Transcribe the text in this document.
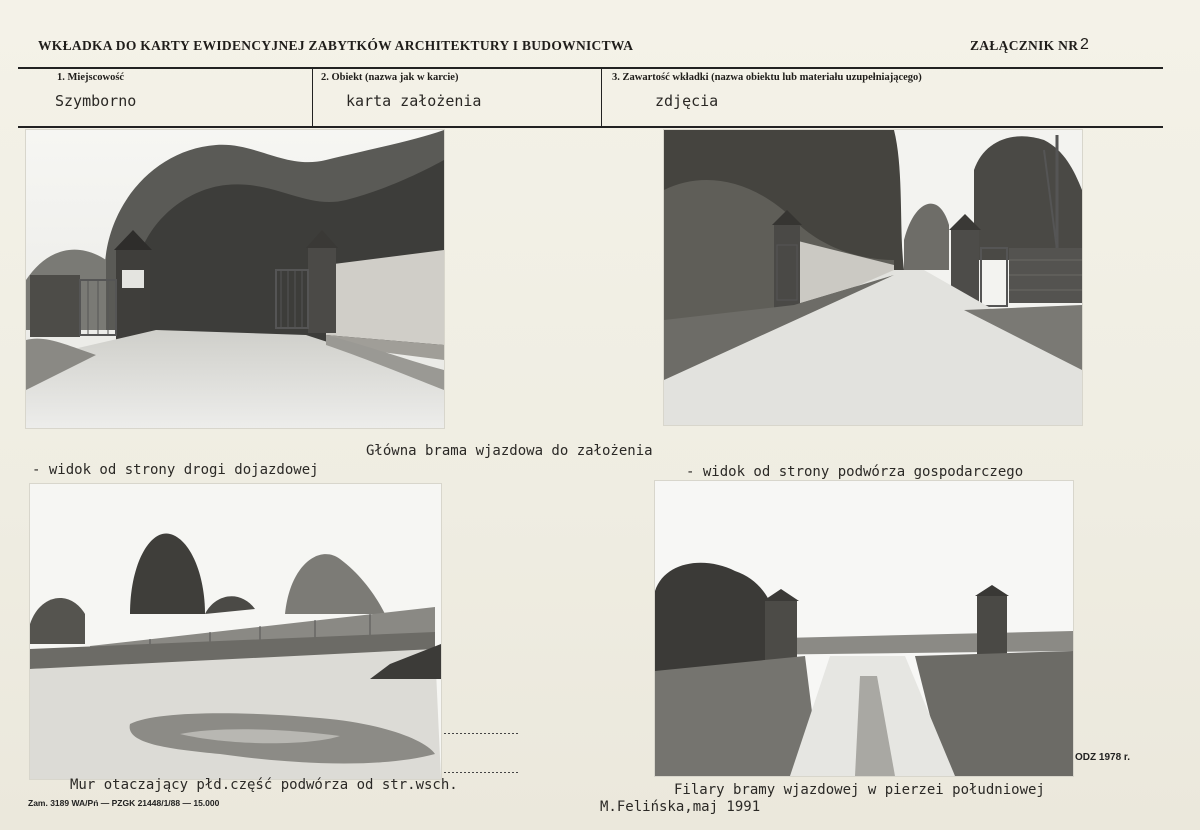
WKŁADKA DO KARTY EWIDENCYJNEJ ZABYTKÓW ARCHITEKTURY I BUDOWNICTWA	ZAŁĄCZNIK NR 2
1. Miejscowość
Szymborno
2. Obiekt (nazwa jak w karcie)
karta założenia
3. Zawartość wkładki (nazwa obiektu lub materiału uzupełniającego)
zdjęcia
Główna brama wjazdowa do założenia
- widok od strony drogi dojazdowej	- widok od strony podwórza gospodarczego
ODZ 1978 r.
Mur otaczający płd.część podwórza od str.wsch.	Filary bramy wjazdowej w pierzei południowej
Zam. 3189 WA/Pń — PZGK 21448/1/88 — 15.000	M.Felińska,maj 1991
